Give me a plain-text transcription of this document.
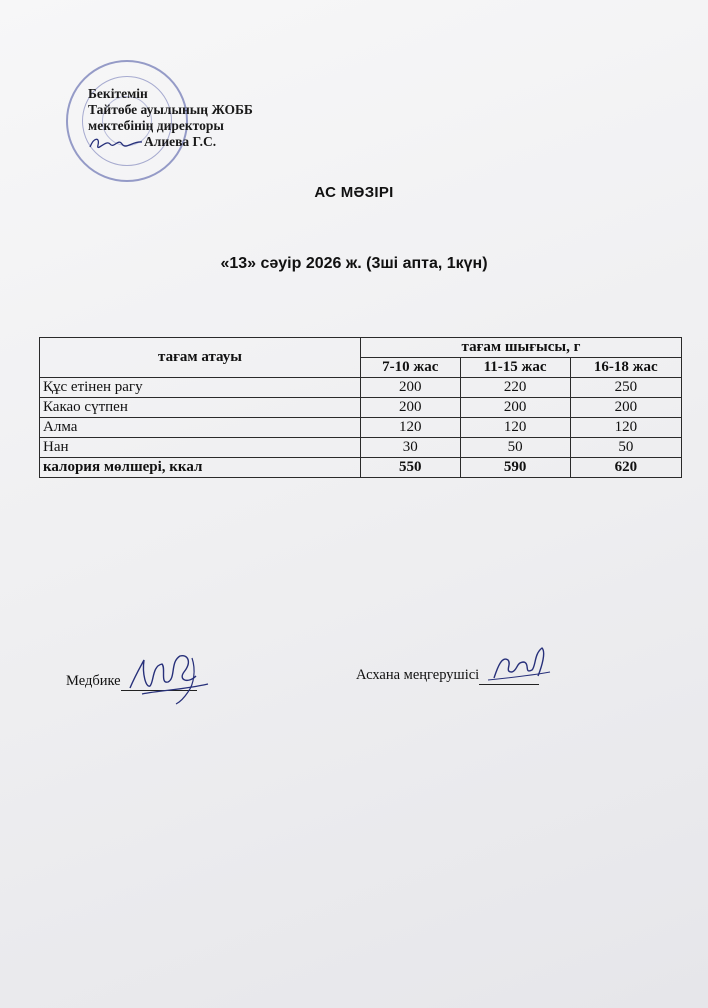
Бекітемін
Тайтөбе ауылының ЖОББ
мектебінің директоры
Алиева Г.С.
АС МӘЗІРІ
«13» сәуір 2026 ж. (3ші апта, 1күн)
тағам атауы	тағам шығысы, г		
	7-10 жас	11-15 жас	16-18 жас
Құс етінен рагу	200	220	250
Какао сүтпен	200	200	200
Алма	120	120	120
Нан	30	50	50
калория мөлшері, ккал	550	590	620
Медбике	Асхана меңгерушісі
